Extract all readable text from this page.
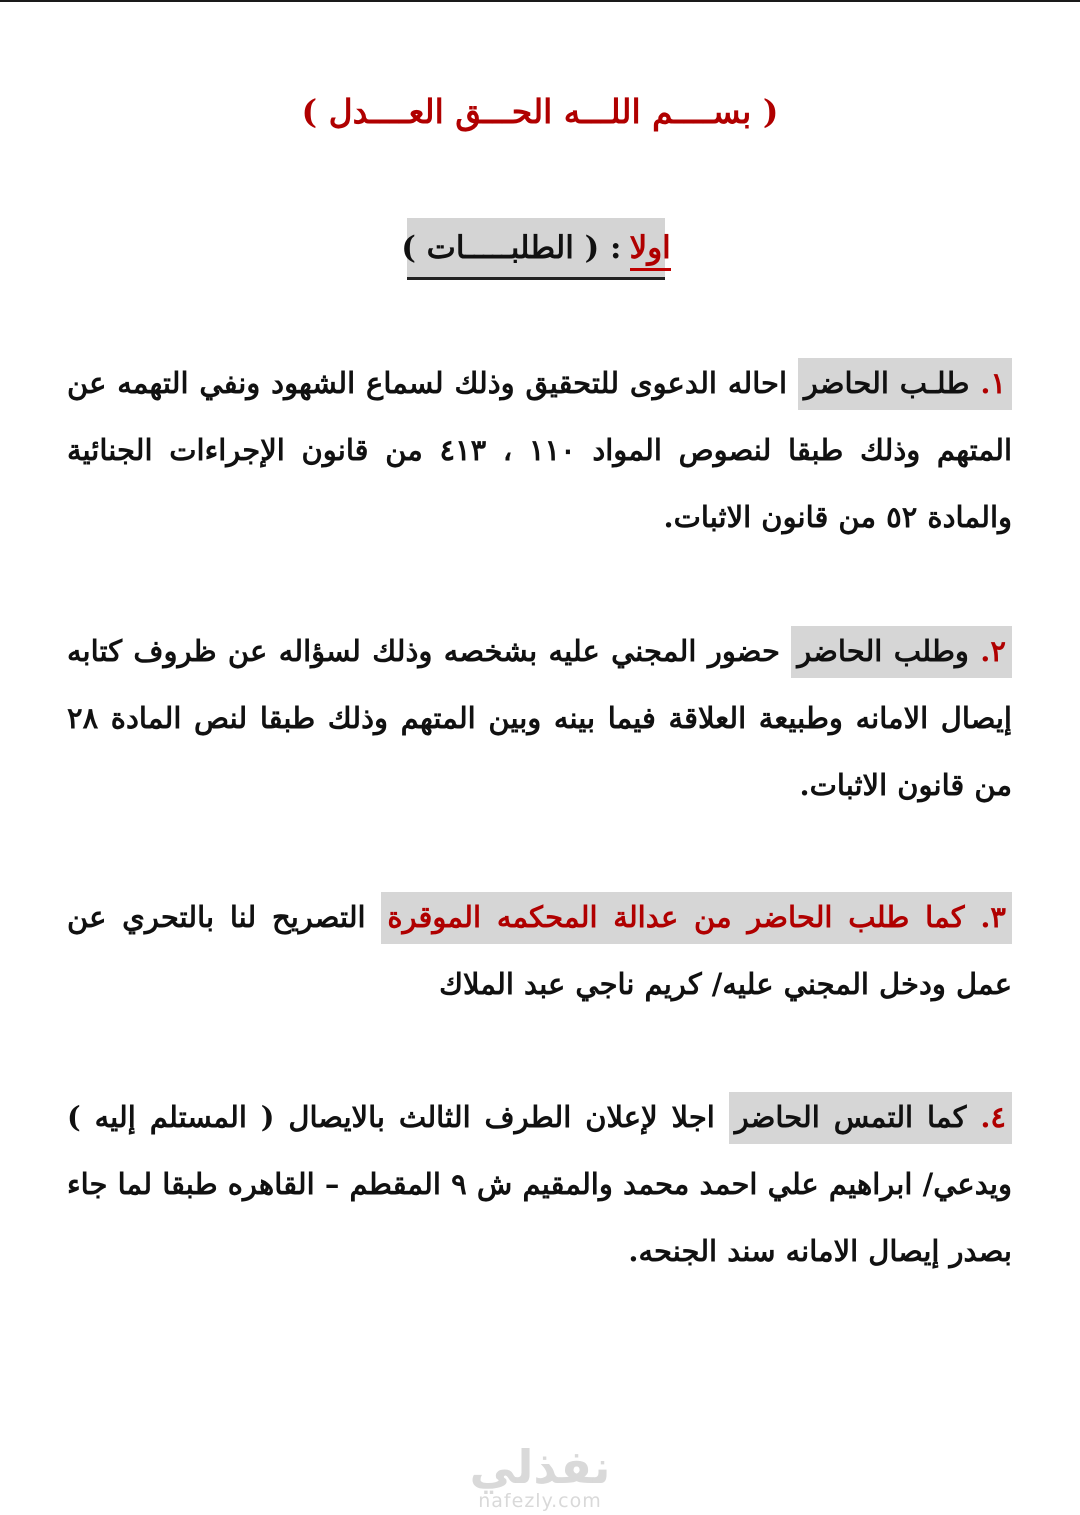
( بســــم اللـــه الحـــق العــــدل )
اولا
: ( الطلبـــــات )
١. طلـب الحاضر احاله الدعوى للتحقيق وذلك لسماع الشهود ونفي التهمه عن المتهم وذلك طبقا لنصوص المواد ١١٠ ، ٤١٣ من قانون الإجراءات الجنائية والمادة ٥٢ من قانون الاثبات.
٢. وطلب الحاضر حضور المجني عليه بشخصه وذلك لسؤاله عن ظروف كتابه إيصال الامانه وطبيعة العلاقة فيما بينه وبين المتهم وذلك طبقا لنص المادة ٢٨ من قانون الاثبات.
٣. كما طلب الحاضر من عدالة المحكمه الموقرة التصريح لنا بالتحري عن عمل ودخل المجني عليه/ كريم ناجي عبد الملاك
٤. كما التمس الحاضر اجلا لإعلان الطرف الثالث بالايصال ( المستلم إليه ) ويدعي/ ابراهيم علي احمد محمد والمقيم ش ٩ المقطم – القاهره طبقا لما جاء بصدر إيصال الامانه سند الجنحه.
نفذلي
nafezly.com
